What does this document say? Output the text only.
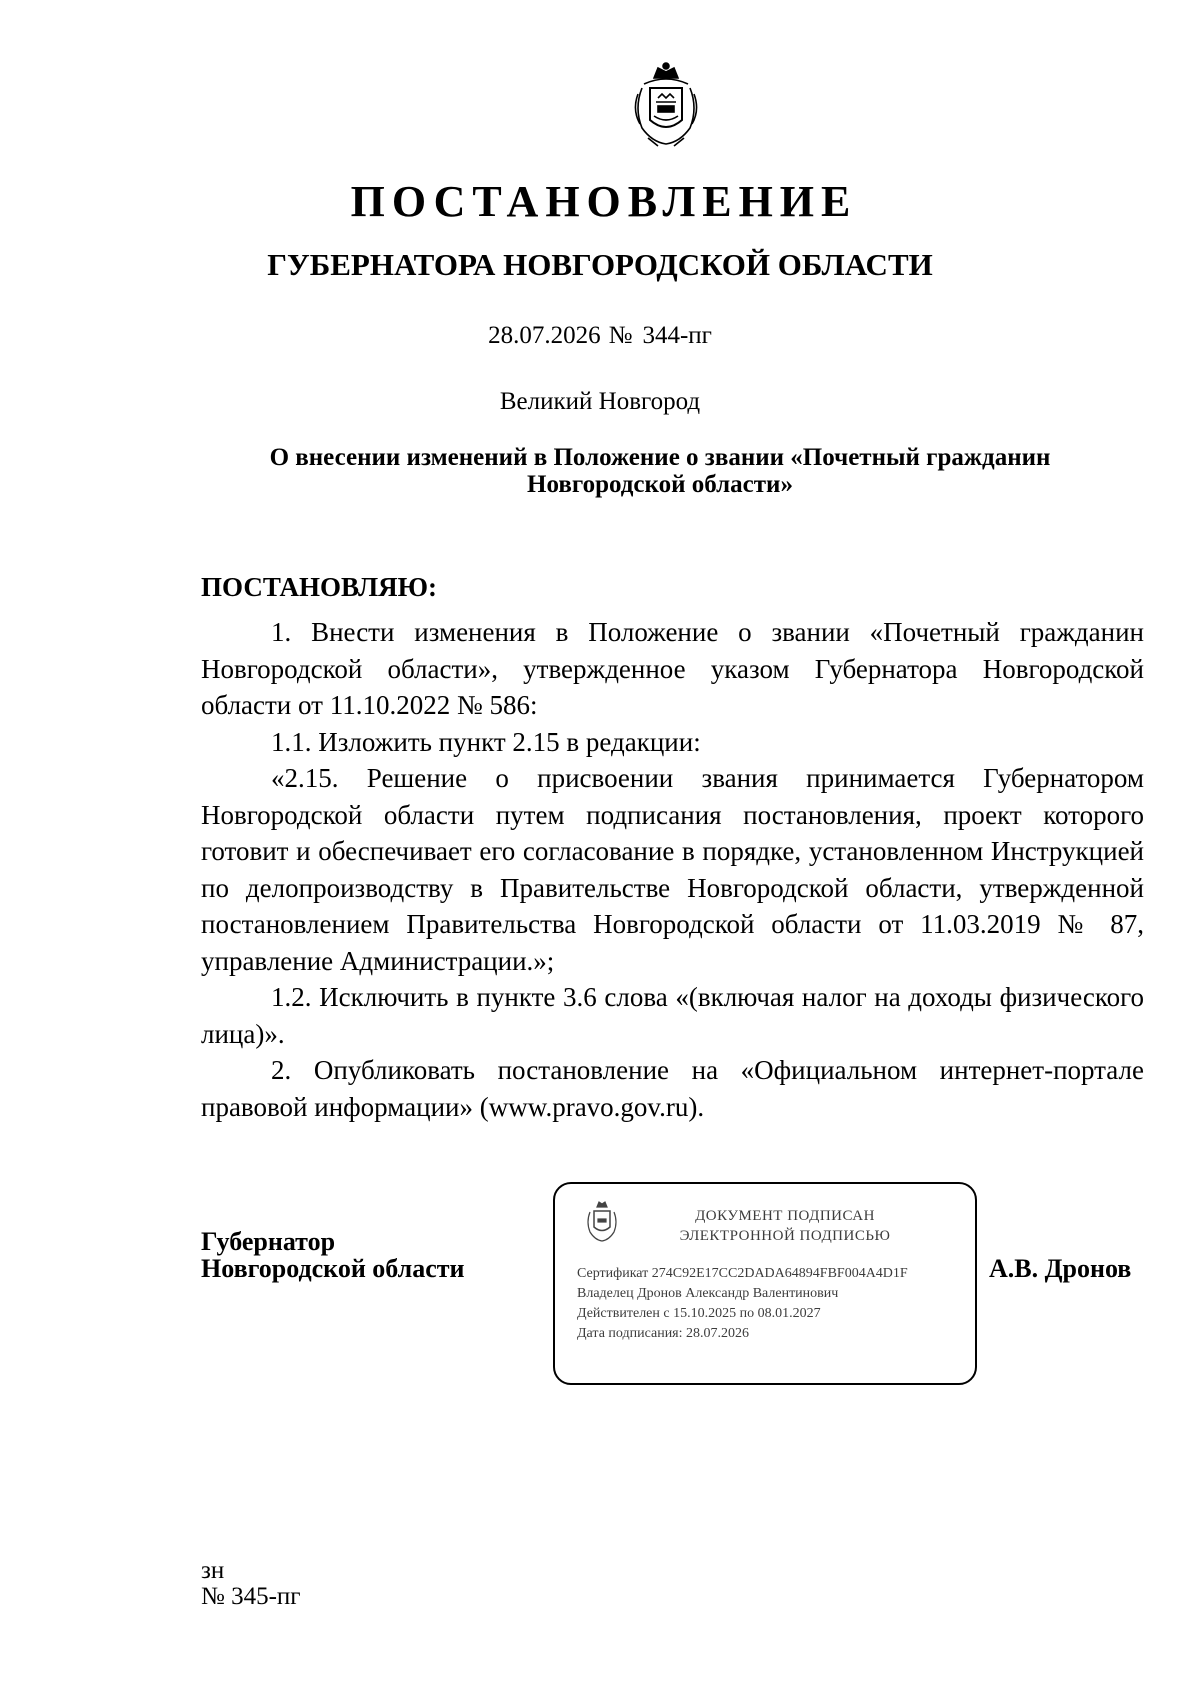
ПОСТАНОВЛЕНИЕ
ГУБЕРНАТОРА НОВГОРОДСКОЙ ОБЛАСТИ
28.07.2026 № 344-пг
Великий Новгород
О внесении изменений в Положение о звании «Почетный гражданин Новгородской области»
ПОСТАНОВЛЯЮ:

1. Внести изменения в Положение о звании «Почетный гражданин Новгородской области», утвержденное указом Губернатора Новгородской области от 11.10.2022 № 586:

1.1. Изложить пункт 2.15 в редакции:

«2.15. Решение о присвоении звания принимается Губернатором Новгородской области путем подписания постановления, проект которого готовит и обеспечивает его согласование в порядке, установленном Инструкцией по делопроизводству в Правительстве Новгородской области, утвержденной постановлением Правительства Новгородской области от 11.03.2019 № 87, управление Администрации.»;

1.2. Исключить в пункте 3.6 слова «(включая налог на доходы физического лица)».

2. Опубликовать постановление на «Официальном интернет-портале правовой информации» (www.pravo.gov.ru).

Губернатор
Новгородской области
ДОКУМЕНТ ПОДПИСАН
ЭЛЕКТРОННОЙ ПОДПИСЬЮ
Сертификат 274C92E17CC2DADA64894FBF004A4D1F
Владелец Дронов Александр Валентинович
Действителен с 15.10.2025 по 08.01.2027
Дата подписания: 28.07.2026
А.В. Дронов
зн
№ 345-пг
